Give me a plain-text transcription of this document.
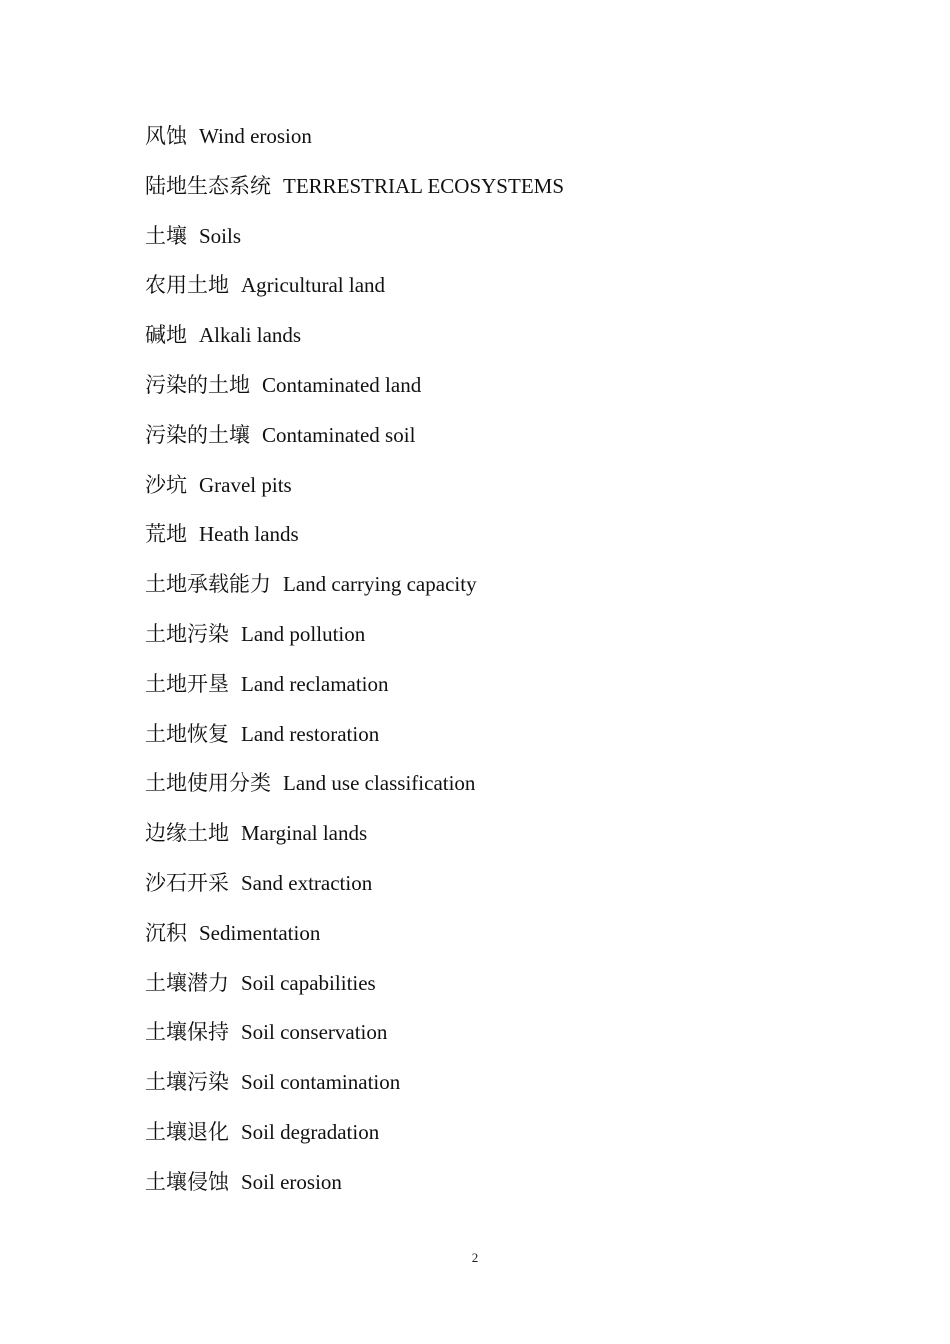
风蚀 Wind erosion
陆地生态系统 TERRESTRIAL ECOSYSTEMS
土壤 Soils
农用土地 Agricultural land
碱地 Alkali lands
污染的土地 Contaminated land
污染的土壤 Contaminated soil
沙坑 Gravel pits
荒地 Heath lands
土地承载能力 Land carrying capacity
土地污染 Land pollution
土地开垦 Land reclamation
土地恢复 Land restoration
土地使用分类 Land use classification
边缘土地 Marginal lands
沙石开采 Sand extraction
沉积 Sedimentation
土壤潜力 Soil capabilities
土壤保持 Soil conservation
土壤污染 Soil contamination
土壤退化 Soil degradation
土壤侵蚀 Soil erosion
2
